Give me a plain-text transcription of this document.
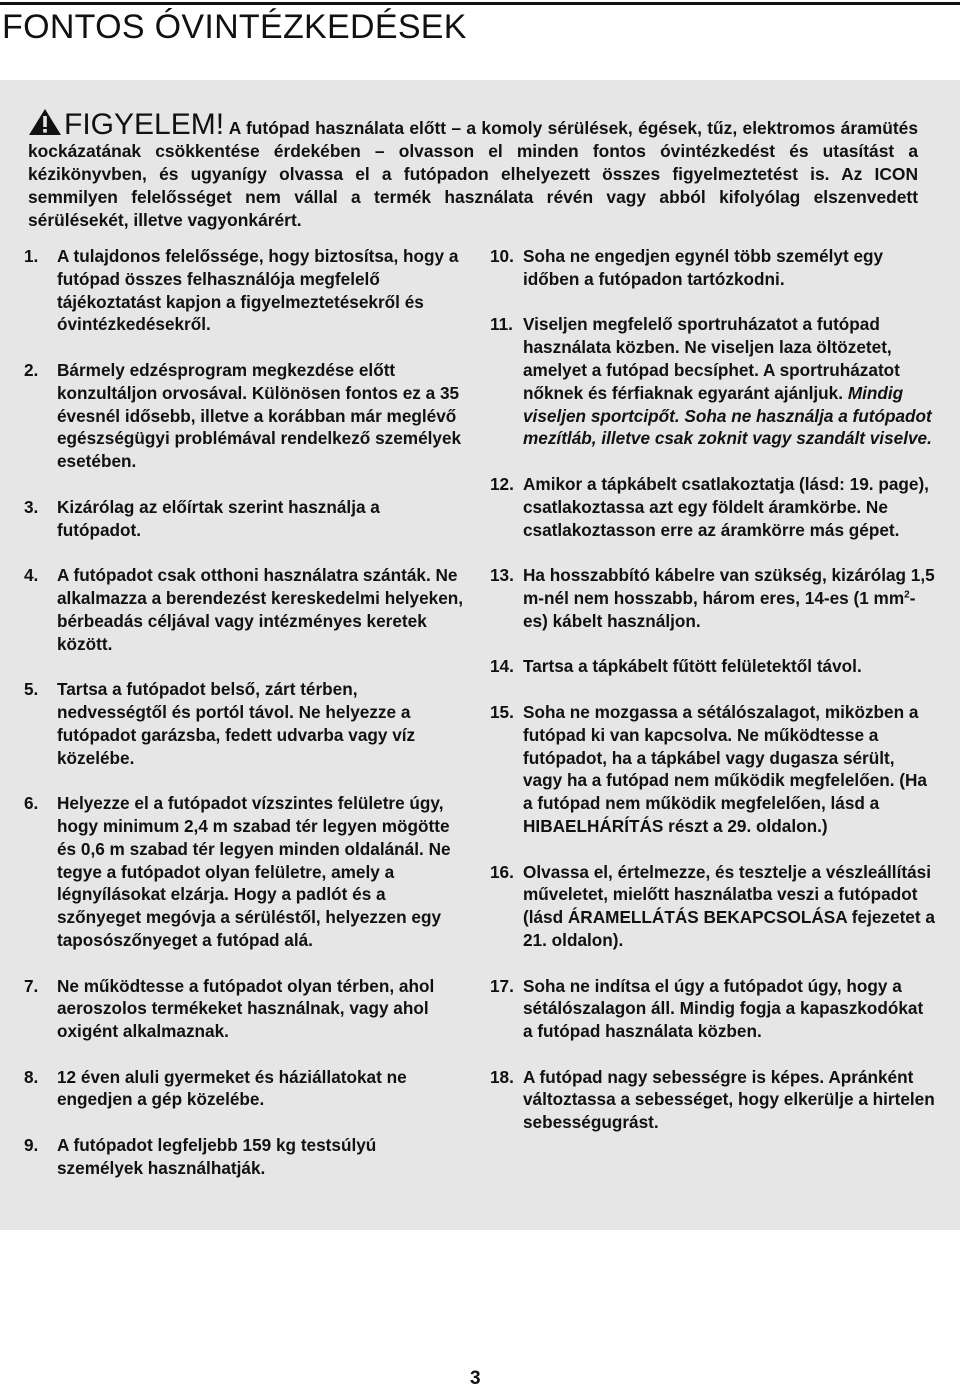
FONTOS ÓVINTÉZKEDÉSEK
FIGYELEM! A futópad használata előtt – a komoly sérülések, égések, tűz, elektromos áramütés kockázatának csökkentése érdekében – olvasson el minden fontos óvintézkedést és utasítást a kézikönyvben, és ugyanígy olvassa el a futópadon elhelyezett összes figyelmeztetést is. Az ICON semmilyen felelősséget nem vállal a termék használata révén vagy abból kifolyólag elszenvedett sérülésekét, illetve vagyonkárért.
1. A tulajdonos felelőssége, hogy biztosítsa, hogy a futópad összes felhasználója megfelelő tájékoztatást kapjon a figyelmeztetésekről és óvintézkedésekről.
2. Bármely edzésprogram megkezdése előtt konzultáljon orvosával. Különösen fontos ez a 35 évesnél idősebb, illetve a korábban már meglévő egészségügyi problémával rendelkező személyek esetében.
3. Kizárólag az előírtak szerint használja a futópadot.
4. A futópadot csak otthoni használatra szánták. Ne alkalmazza a berendezést kereskedelmi helyeken, bérbeadás céljával vagy intézményes keretek között.
5. Tartsa a futópadot belső, zárt térben, nedvességtől és portól távol. Ne helyezze a futópadot garázsba, fedett udvarba vagy víz közelébe.
6. Helyezze el a futópadot vízszintes felületre úgy, hogy minimum 2,4 m szabad tér legyen mögötte és 0,6 m szabad tér legyen minden oldalánál. Ne tegye a futópadot olyan felületre, amely a légnyílásokat elzárja. Hogy a padlót és a szőnyeget megóvja a sérüléstől, helyezzen egy taposószőnyeget a futópad alá.
7. Ne működtesse a futópadot olyan térben, ahol aeroszolos termékeket használnak, vagy ahol oxigént alkalmaznak.
8. 12 éven aluli gyermeket és háziállatokat ne engedjen a gép közelébe.
9. A futópadot legfeljebb 159 kg testsúlyú személyek használhatják.
10. Soha ne engedjen egynél több személyt egy időben a futópadon tartózkodni.
11. Viseljen megfelelő sportruházatot a futópad használata közben. Ne viseljen laza öltözetet, amelyet a futópad becsíphet. A sportruházatot nőknek és férfiaknak egyaránt ajánljuk. Mindig viseljen sportcipőt. Soha ne használja a futópadot mezítláb, illetve csak zoknit vagy szandált viselve.
12. Amikor a tápkábelt csatlakoztatja (lásd: 19. page), csatlakoztassa azt egy földelt áramkörbe. Ne csatlakoztasson erre az áramkörre más gépet.
13. Ha hosszabbító kábelre van szükség, kizárólag 1,5 m-nél nem hosszabb, három eres, 14-es (1 $mm^2-es$) kábelt használjon.
14. Tartsa a tápkábelt fűtött felületektől távol.
15. Soha ne mozgassa a sétálószalagot, miközben a futópad ki van kapcsolva. Ne működtesse a futópadot, ha a tápkábel vagy dugasza sérült, vagy ha a futópad nem működik megfelelően. (Ha a futópad nem működik megfelelően, lásd a HIBAELHÁRÍTÁS részt a 29. oldalon.)
16. Olvassa el, értelmezze, és tesztelje a vészleállítási műveletet, mielőtt használatba veszi a futópadot (lásd ÁRAMELLÁTÁS BEKAPCSOLÁSA fejezetet a 21. oldalon).
17. Soha ne indítsa el úgy a futópadot úgy, hogy a sétálószalagon áll. Mindig fogja a kapaszkodókat a futópad használata közben.
18. A futópad nagy sebességre is képes. Apránként változtassa a sebességet, hogy elkerülje a hirtelen sebességugrást.
3
